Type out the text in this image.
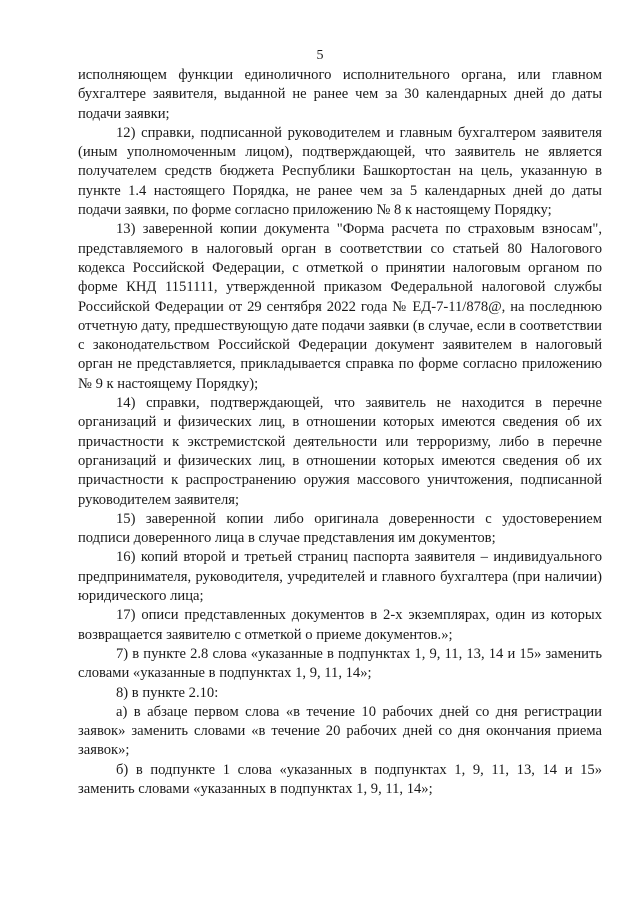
5

исполняющем функции единоличного исполнительного органа, или главном бухгалтере заявителя, выданной не ранее чем за 30 календарных дней до даты подачи заявки;

12) справки, подписанной руководителем и главным бухгалтером заявителя (иным уполномоченным лицом), подтверждающей, что заявитель не является получателем средств бюджета Республики Башкортостан на цель, указанную в пункте 1.4 настоящего Порядка, не ранее чем за 5 календарных дней до даты подачи заявки, по форме согласно приложению № 8 к настоящему Порядку;

13) заверенной копии документа "Форма расчета по страховым взносам", представляемого в налоговый орган в соответствии со статьей 80 Налогового кодекса Российской Федерации, с отметкой о принятии налоговым органом по форме КНД 1151111, утвержденной приказом Федеральной налоговой службы Российской Федерации от 29 сентября 2022 года № ЕД-7-11/878@, на последнюю отчетную дату, предшествующую дате подачи заявки (в случае, если в соответствии с законодательством Российской Федерации документ заявителем в налоговый орган не представляется, прикладывается справка по форме согласно приложению № 9 к настоящему Порядку);

14) справки, подтверждающей, что заявитель не находится в перечне организаций и физических лиц, в отношении которых имеются сведения об их причастности к экстремистской деятельности или терроризму, либо в перечне организаций и физических лиц, в отношении которых имеются сведения об их причастности к распространению оружия массового уничтожения, подписанной руководителем заявителя;

15) заверенной копии либо оригинала доверенности с удостоверением подписи доверенного лица в случае представления им документов;

16) копий второй и третьей страниц паспорта заявителя – индивидуального предпринимателя, руководителя, учредителей и главного бухгалтера (при наличии) юридического лица;

17) описи представленных документов в 2-х экземплярах, один из которых возвращается заявителю с отметкой о приеме документов.»;

7) в пункте 2.8 слова «указанные в подпунктах 1, 9, 11, 13, 14 и 15» заменить словами «указанные в подпунктах 1, 9, 11, 14»;

8) в пункте 2.10:

а) в абзаце первом слова «в течение 10 рабочих дней со дня регистрации заявок» заменить словами «в течение 20 рабочих дней со дня окончания приема заявок»;

б) в подпункте 1 слова «указанных в подпунктах 1, 9, 11, 13, 14 и 15» заменить словами «указанных в подпунктах 1, 9, 11, 14»;
